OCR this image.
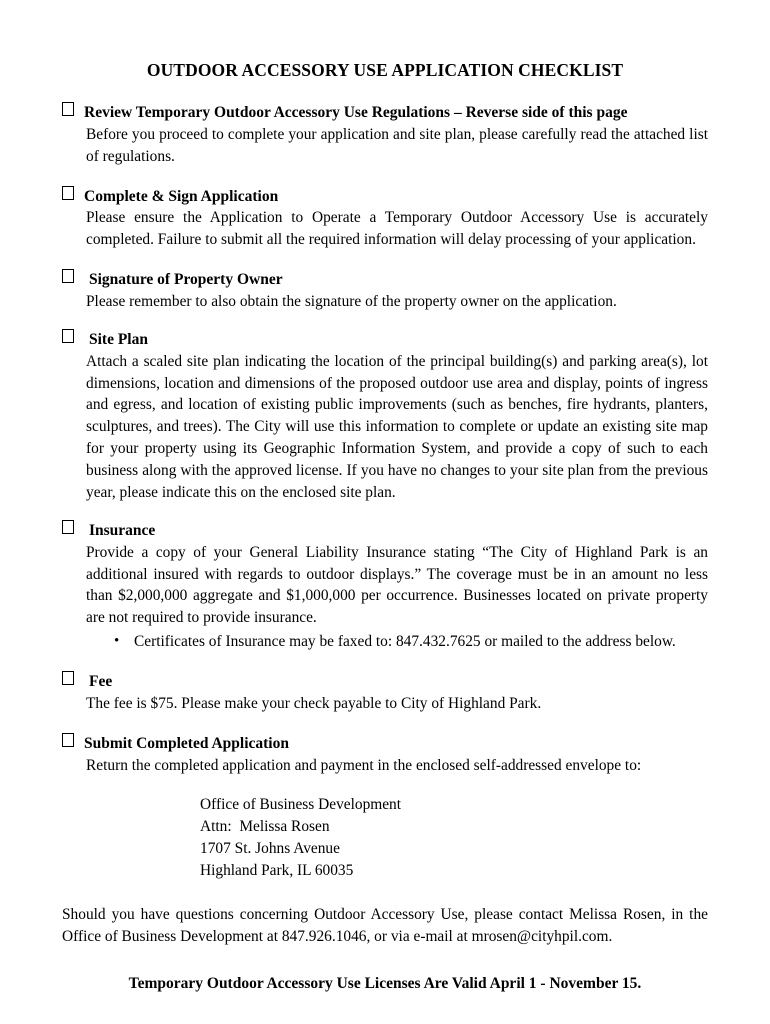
OUTDOOR ACCESSORY USE APPLICATION CHECKLIST
Review Temporary Outdoor Accessory Use Regulations – Reverse side of this page

Before you proceed to complete your application and site plan, please carefully read the attached list of regulations.

Complete & Sign Application

Please ensure the Application to Operate a Temporary Outdoor Accessory Use is accurately completed. Failure to submit all the required information will delay processing of your application.

Signature of Property Owner

Please remember to also obtain the signature of the property owner on the application.

Site Plan

Attach a scaled site plan indicating the location of the principal building(s) and parking area(s), lot dimensions, location and dimensions of the proposed outdoor use area and display, points of ingress and egress, and location of existing public improvements (such as benches, fire hydrants, planters, sculptures, and trees). The City will use this information to complete or update an existing site map for your property using its Geographic Information System, and provide a copy of such to each business along with the approved license. If you have no changes to your site plan from the previous year, please indicate this on the enclosed site plan.

Insurance

Provide a copy of your General Liability Insurance stating “The City of Highland Park is an additional insured with regards to outdoor displays.” The coverage must be in an amount no less than $2,000,000 aggregate and $1,000,000 per occurrence. Businesses located on private property are not required to provide insurance.

• Certificates of Insurance may be faxed to: 847.432.7625 or mailed to the address below.
Fee

The fee is $75. Please make your check payable to City of Highland Park.

Submit Completed Application

Return the completed application and payment in the enclosed self-addressed envelope to:

Office of Business Development
Attn:  Melissa Rosen
1707 St. Johns Avenue
Highland Park, IL 60035

Should you have questions concerning Outdoor Accessory Use, please contact Melissa Rosen, in the Office of Business Development at 847.926.1046, or via e-mail at mrosen@cityhpil.com.

Temporary Outdoor Accessory Use Licenses Are Valid April 1 - November 15.
